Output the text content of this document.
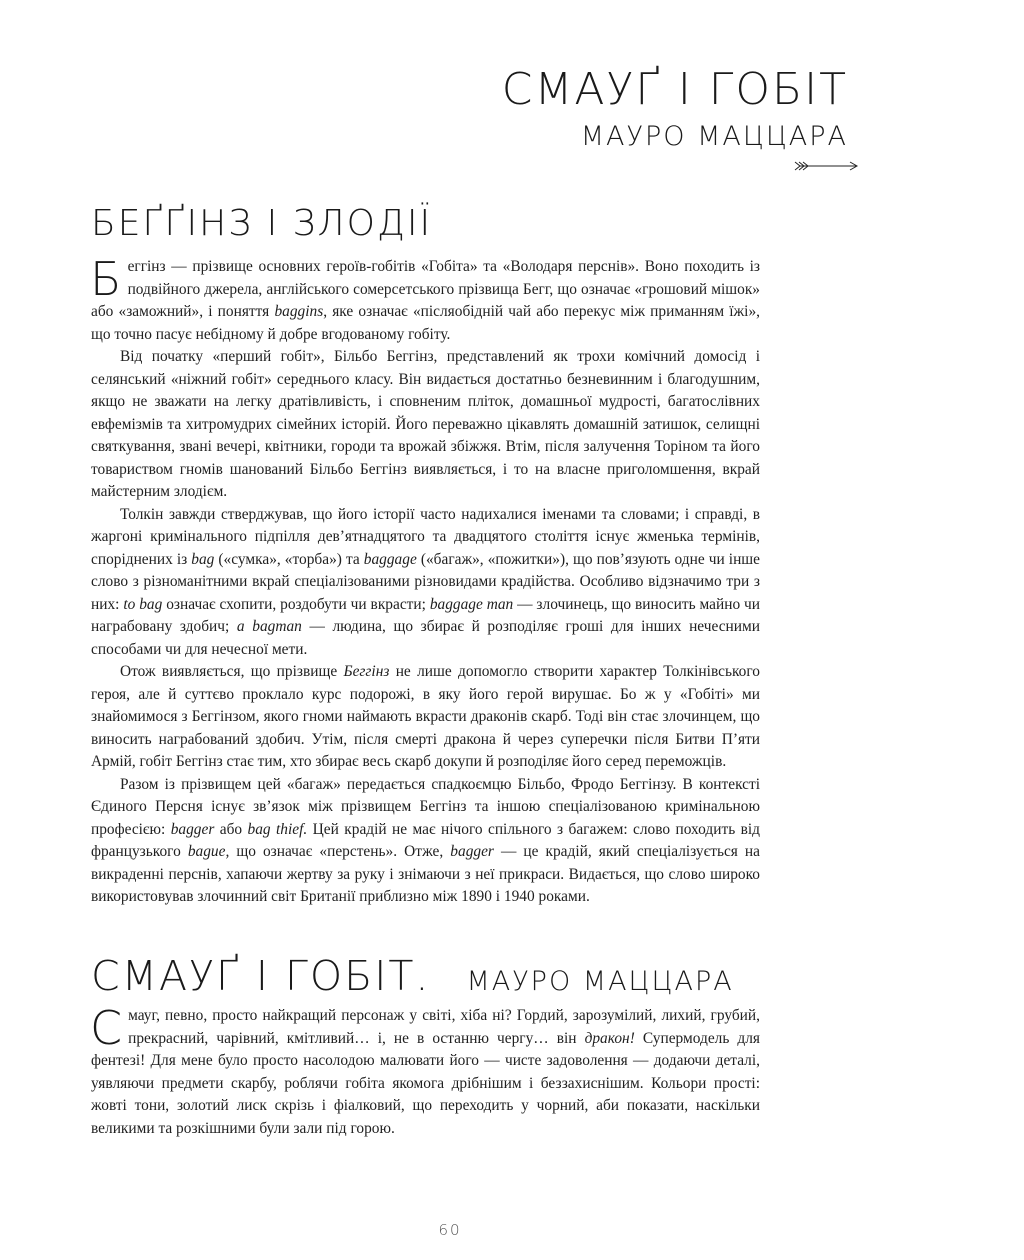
СМАУҐ І ГОБІТ
МАУРО МАЦЦАРА
БЕҐҐІНЗ І ЗЛОДІЇ

Беггінз — прізвище основних героїв-гобітів «Гобіта» та «Володаря перснів». Воно походить із подвійного джерела, англійського сомерсетського прізвища Бегг, що означає «грошовий мішок» або «заможний», і поняття baggins, яке означає «післяобідній чай або перекус між приманням їжі», що точно пасує небідному й добре вгодованому гобіту.

Від початку «перший гобіт», Більбо Беггінз, представлений як трохи комічний домосід і селянський «ніжний гобіт» середнього класу. Він видається достатньо безневинним і благодушним, якщо не зважати на легку дратівливість, і сповненим пліток, домашньої мудрості, багатослівних евфемізмів та хитромудрих сімейних історій. Його переважно цікавлять домашній затишок, селищні святкування, звані вечері, квітники, городи та врожай збіжжя. Втім, після залучення Торіном та його товариством гномів шанований Більбо Беггінз виявляється, і то на власне приголомшення, вкрай майстерним злодієм.

Толкін завжди стверджував, що його історії часто надихалися іменами та словами; і справді, в жаргоні кримінального підпілля дев’ятнадцятого та двадцятого століття існує жменька термінів, споріднених із bag («сумка», «торба») та baggage («багаж», «пожитки»), що пов’язують одне чи інше слово з різноманітними вкрай спеціалізованими різновидами крадійства. Особливо відзначимо три з них: to bag означає схопити, роздобути чи вкрасти; baggage man — злочинець, що виносить майно чи награбовану здобич; a bagman — людина, що збирає й розподіляє гроші для інших нечесними способами чи для нечесної мети.

Отож виявляється, що прізвище Беггінз не лише допомогло створити характер Толкінівського героя, але й суттєво проклало курс подорожі, в яку його герой вирушає. Бо ж у «Гобіті» ми знайомимося з Беггінзом, якого гноми наймають вкрасти драконів скарб. Тоді він стає злочинцем, що виносить награбований здобич. Утім, після смерті дракона й через суперечки після Битви П’яти Армій, гобіт Беггінз стає тим, хто збирає весь скарб докупи й розподіляє його серед переможців.

Разом із прізвищем цей «багаж» передається спадкоємцю Більбо, Фродо Беггінзу. В контексті Єдиного Персня існує зв’язок між прізвищем Беггінз та іншою спеціалізованою кримінальною професією: bagger або bag thief. Цей крадій не має нічого спільного з багажем: слово походить від французького bague, що означає «перстень». Отже, bagger — це крадій, який спеціалізується на викраденні перснів, хапаючи жертву за руку і знімаючи з неї прикраси. Видається, що слово широко використовував злочинний світ Британії приблизно між 1890 і 1940 роками.

СМАУҐ І ГОБІТ. МАУРО МАЦЦАРА

Смауг, певно, просто найкращий персонаж у світі, хіба ні? Гордий, зарозумілий, лихий, грубий, прекрасний, чарівний, кмітливий… і, не в останню чергу… він дракон! Супермодель для фентезі! Для мене було просто насолодою малювати його — чисте задоволення — додаючи деталі, уявляючи предмети скарбу, роблячи гобіта якомога дрібнішим і беззахиснішим. Кольори прості: жовті тони, золотий лиск скрізь і фіалковий, що переходить у чорний, аби показати, наскільки великими та розкішними були зали під горою.

60
